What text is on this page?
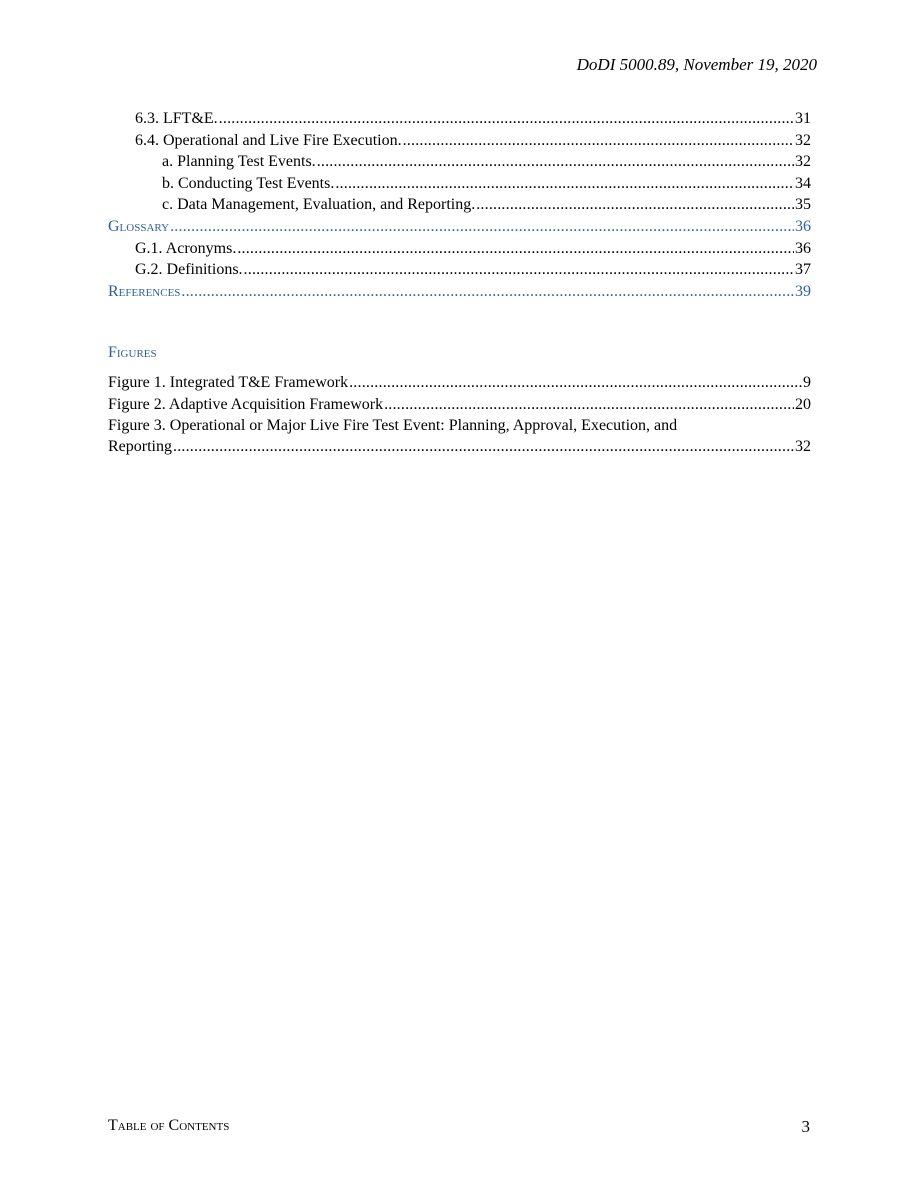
DoDI 5000.89, November 19, 2020
6.3. LFT&E. .....	31
6.4. Operational and Live Fire Execution. .....	32
a. Planning Test Events. .....	32
b. Conducting Test Events. .....	34
c. Data Management, Evaluation, and Reporting. .....	35
Glossary .....	36
G.1. Acronyms. .....	36
G.2. Definitions. .....	37
References .....	39
Figures
Figure 1. Integrated T&E Framework .....	9
Figure 2. Adaptive Acquisition Framework .....	20
Figure 3. Operational or Major Live Fire Test Event: Planning, Approval, Execution, and
Reporting .....	32
Table of Contents	3
